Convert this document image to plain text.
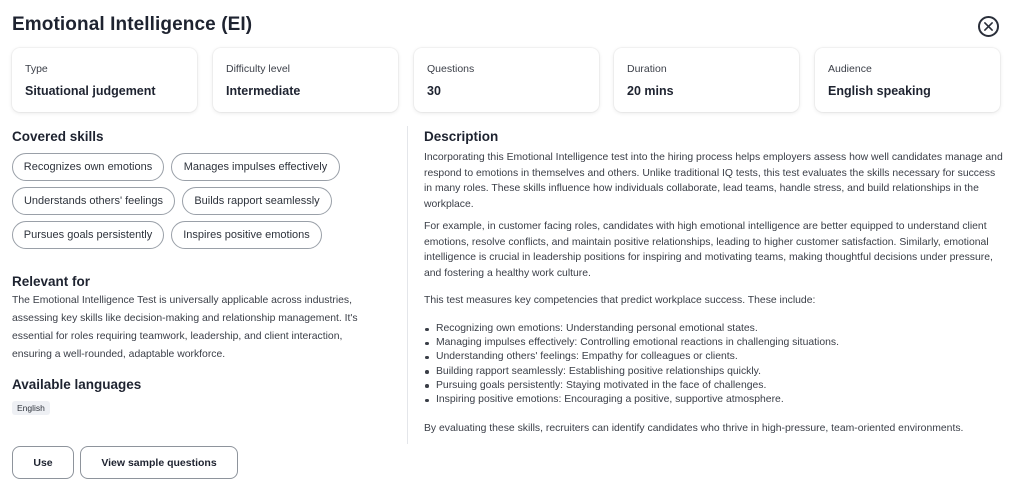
Emotional Intelligence (EI)
Type
Situational judgement
Difficulty level
Intermediate
Questions
30
Duration
20 mins
Audience
English speaking
Covered skills
Recognizes own emotions	Manages impulses effectively
Understands others' feelings	Builds rapport seamlessly
Pursues goals persistently	Inspires positive emotions
Relevant for
The Emotional Intelligence Test is universally applicable across industries, assessing key skills like decision-making and relationship management. It's essential for roles requiring teamwork, leadership, and client interaction, ensuring a well-rounded, adaptable workforce.
Available languages
English
Use	View sample questions
Description
Incorporating this Emotional Intelligence test into the hiring process helps employers assess how well candidates manage and respond to emotions in themselves and others. Unlike traditional IQ tests, this test evaluates the skills necessary for success in many roles. These skills influence how individuals collaborate, lead teams, handle stress, and build relationships in the workplace.
For example, in customer facing roles, candidates with high emotional intelligence are better equipped to understand client emotions, resolve conflicts, and maintain positive relationships, leading to higher customer satisfaction. Similarly, emotional intelligence is crucial in leadership positions for inspiring and motivating teams, making thoughtful decisions under pressure, and fostering a healthy work culture.
This test measures key competencies that predict workplace success. These include:
Recognizing own emotions: Understanding personal emotional states.
Managing impulses effectively: Controlling emotional reactions in challenging situations.
Understanding others' feelings: Empathy for colleagues or clients.
Building rapport seamlessly: Establishing positive relationships quickly.
Pursuing goals persistently: Staying motivated in the face of challenges.
Inspiring positive emotions: Encouraging a positive, supportive atmosphere.
By evaluating these skills, recruiters can identify candidates who thrive in high-pressure, team-oriented environments.
